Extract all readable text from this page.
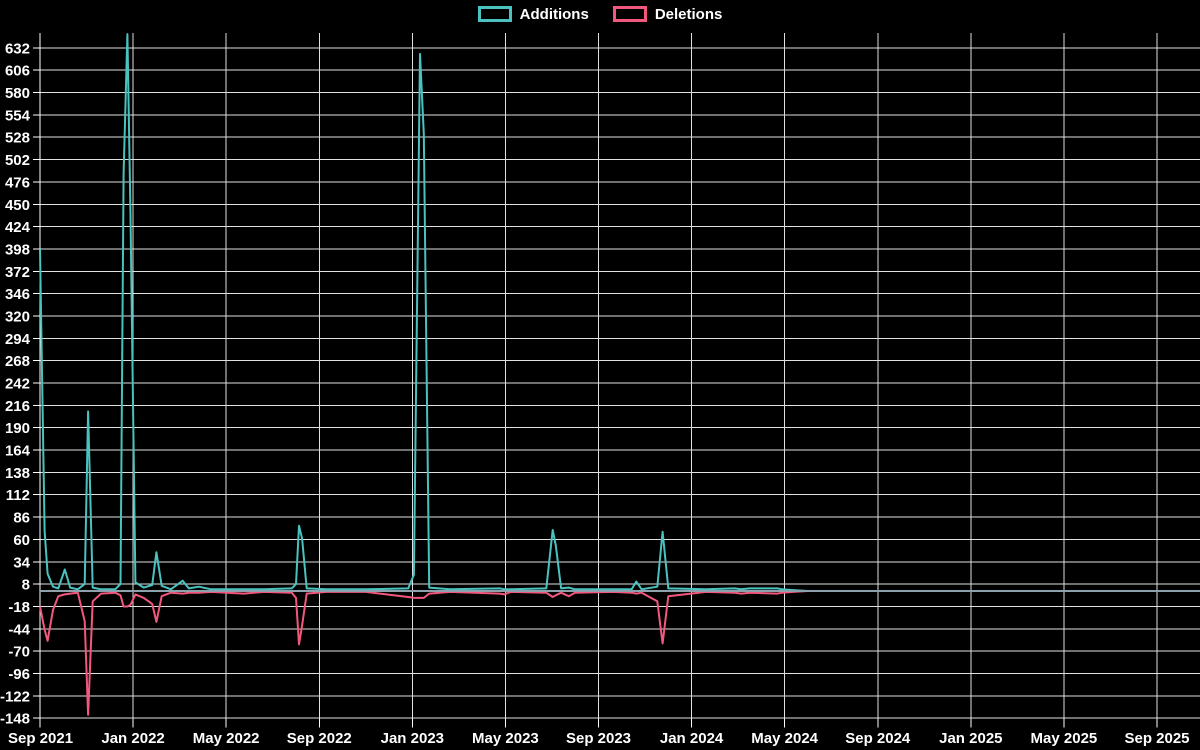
-148
-122
-96
-70
-44
-18
8
34
60
86
112
138
164
190
216
242
268
294
320
346
372
398
424
450
476
502
528
554
580
606
632
Sep 2021 Jan 2022 May 2022 Sep 2022 Jan 2023 May 2023 Sep 2023 Jan 2024 May 2024 Sep 2024 Jan 2025 May 2025 Sep 2025
Additions	Deletions
